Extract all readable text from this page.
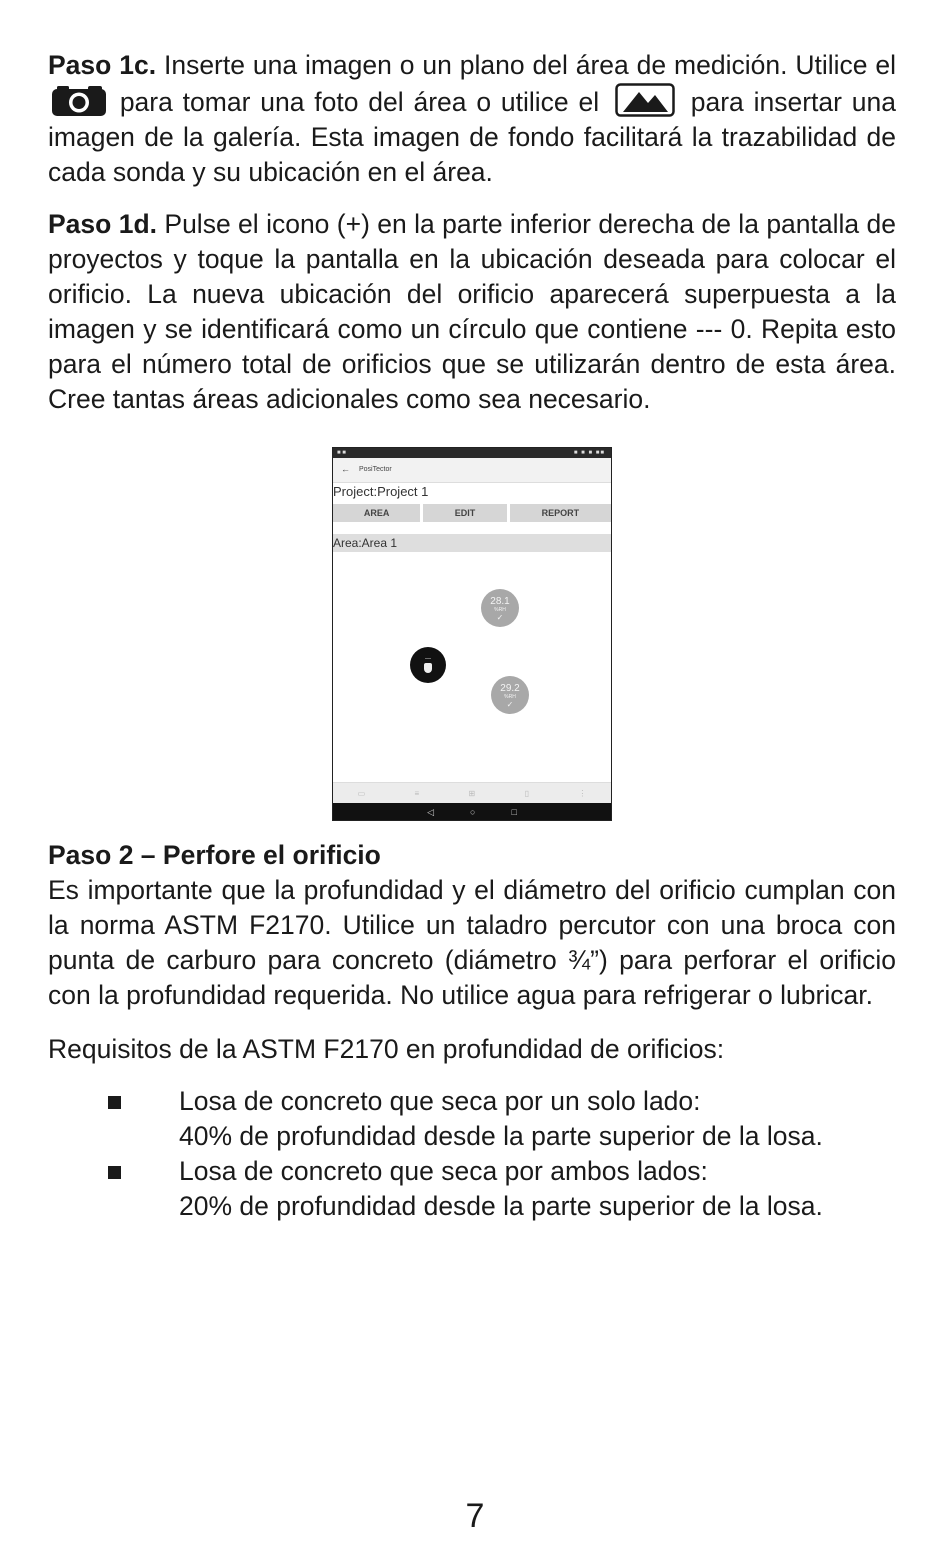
Paso 1c. Inserte una imagen o un plano del área de medición. Utilice el  para tomar una foto del área o utilice el	para insertar una imagen de la galería. Esta imagen de fondo facilitará la trazabilidad de cada sonda y su ubicación en el área.

Paso 1d. Pulse el icono (+) en la parte inferior derecha de la pantalla de proyectos y toque la pantalla en la ubicación deseada para colocar el orificio. La nueva ubicación del orificio aparecerá superpuesta a la imagen y se identificará como un círculo que contiene --- 0. Repita esto para el número total de orificios que se utilizarán dentro de esta área. Cree tantas áreas adicionales como sea necesario.

■ ■	■ ■ ■ ■■
← PosiTector
Project:Project 1
AREA	EDIT	REPORT
Area:Area 1
28.1
%RH
✓
---
29.2
%RH
✓
▭	≡	⊞	▯	⋮
◁	○	□

Paso 2 – Perfore el orificio

Es importante que la profundidad y el diámetro del orificio cumplan con la norma ASTM F2170. Utilice un taladro percutor con una broca con punta de carburo para concreto (diámetro ¾”) para perforar el orificio con la profundidad requerida. No utilice agua para refrigerar o lubricar.

Requisitos de la ASTM F2170 en profundidad de orificios:

Losa de concreto que seca por un solo lado:
40% de profundidad desde la parte superior de la losa.
Losa de concreto que seca por ambos lados:
20% de profundidad desde la parte superior de la losa.
7
